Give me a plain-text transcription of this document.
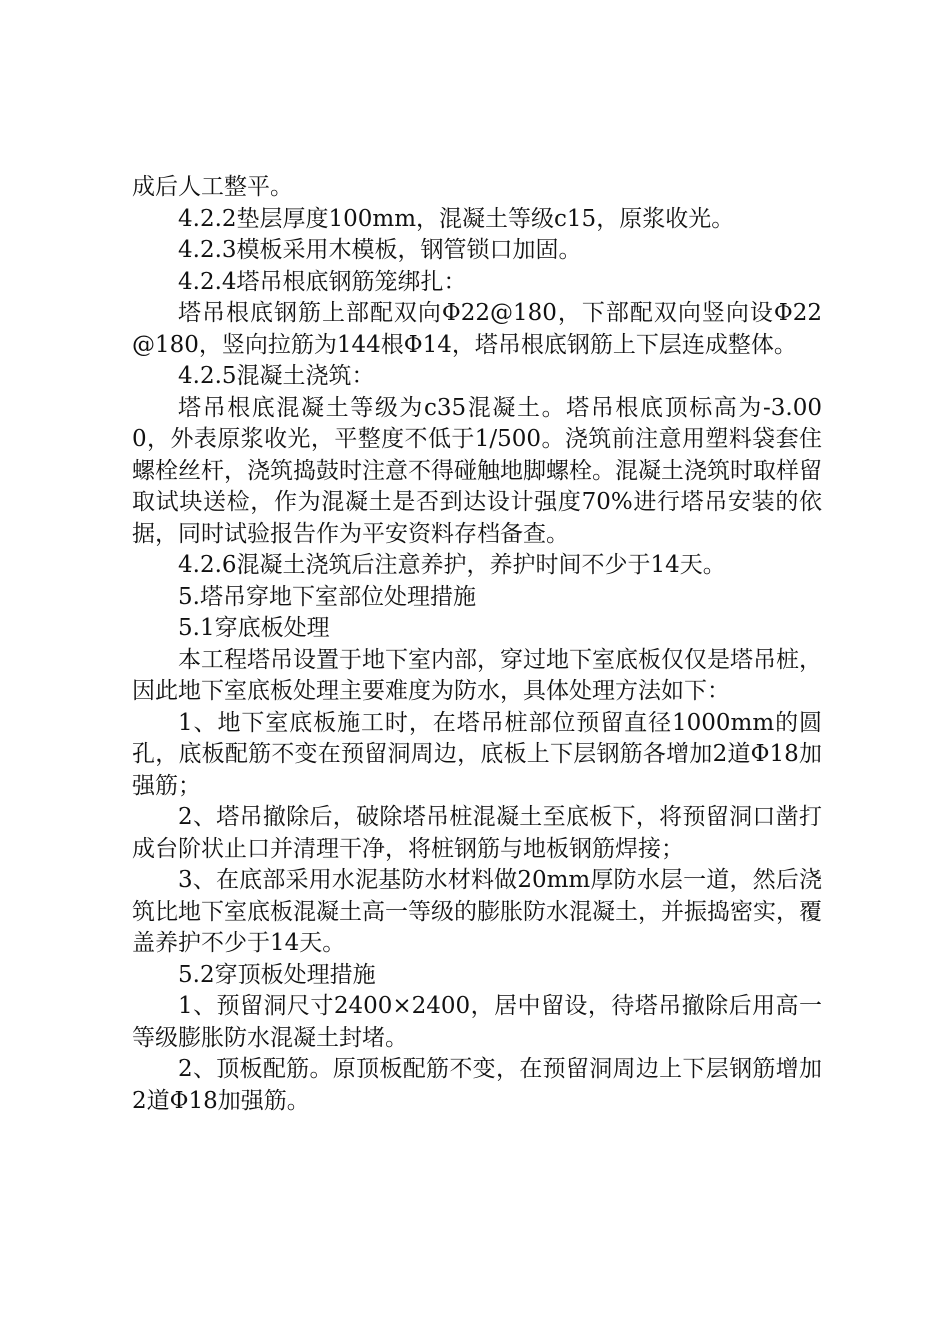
成后人工整平。

4.2.2垫层厚度100mm，混凝土等级c15，原浆收光。

4.2.3模板采用木模板，钢管锁口加固。

4.2.4塔吊根底钢筋笼绑扎：

塔吊根底钢筋上部配双向Φ22@180，下部配双向竖向设Φ22@180，竖向拉筋为144根Φ14，塔吊根底钢筋上下层连成整体。

4.2.5混凝土浇筑：

塔吊根底混凝土等级为c35混凝土。塔吊根底顶标高为-3.000，外表原浆收光，平整度不低于1/500。浇筑前注意用塑料袋套住螺栓丝杆，浇筑捣鼓时注意不得碰触地脚螺栓。混凝土浇筑时取样留取试块送检，作为混凝土是否到达设计强度70%进行塔吊安装的依据，同时试验报告作为平安资料存档备查。

4.2.6混凝土浇筑后注意养护，养护时间不少于14天。

5.塔吊穿地下室部位处理措施

5.1穿底板处理

本工程塔吊设置于地下室内部，穿过地下室底板仅仅是塔吊桩，因此地下室底板处理主要难度为防水，具体处理方法如下：

1、地下室底板施工时，在塔吊桩部位预留直径1000mm的圆孔，底板配筋不变在预留洞周边，底板上下层钢筋各增加2道Φ18加强筋；

2、塔吊撤除后，破除塔吊桩混凝土至底板下，将预留洞口凿打成台阶状止口并清理干净，将桩钢筋与地板钢筋焊接；

3、在底部采用水泥基防水材料做20mm厚防水层一道，然后浇筑比地下室底板混凝土高一等级的膨胀防水混凝土，并振捣密实，覆盖养护不少于14天。

5.2穿顶板处理措施

1、预留洞尺寸2400×2400，居中留设，待塔吊撤除后用高一等级膨胀防水混凝土封堵。

2、顶板配筋。原顶板配筋不变，在预留洞周边上下层钢筋增加2道Φ18加强筋。
